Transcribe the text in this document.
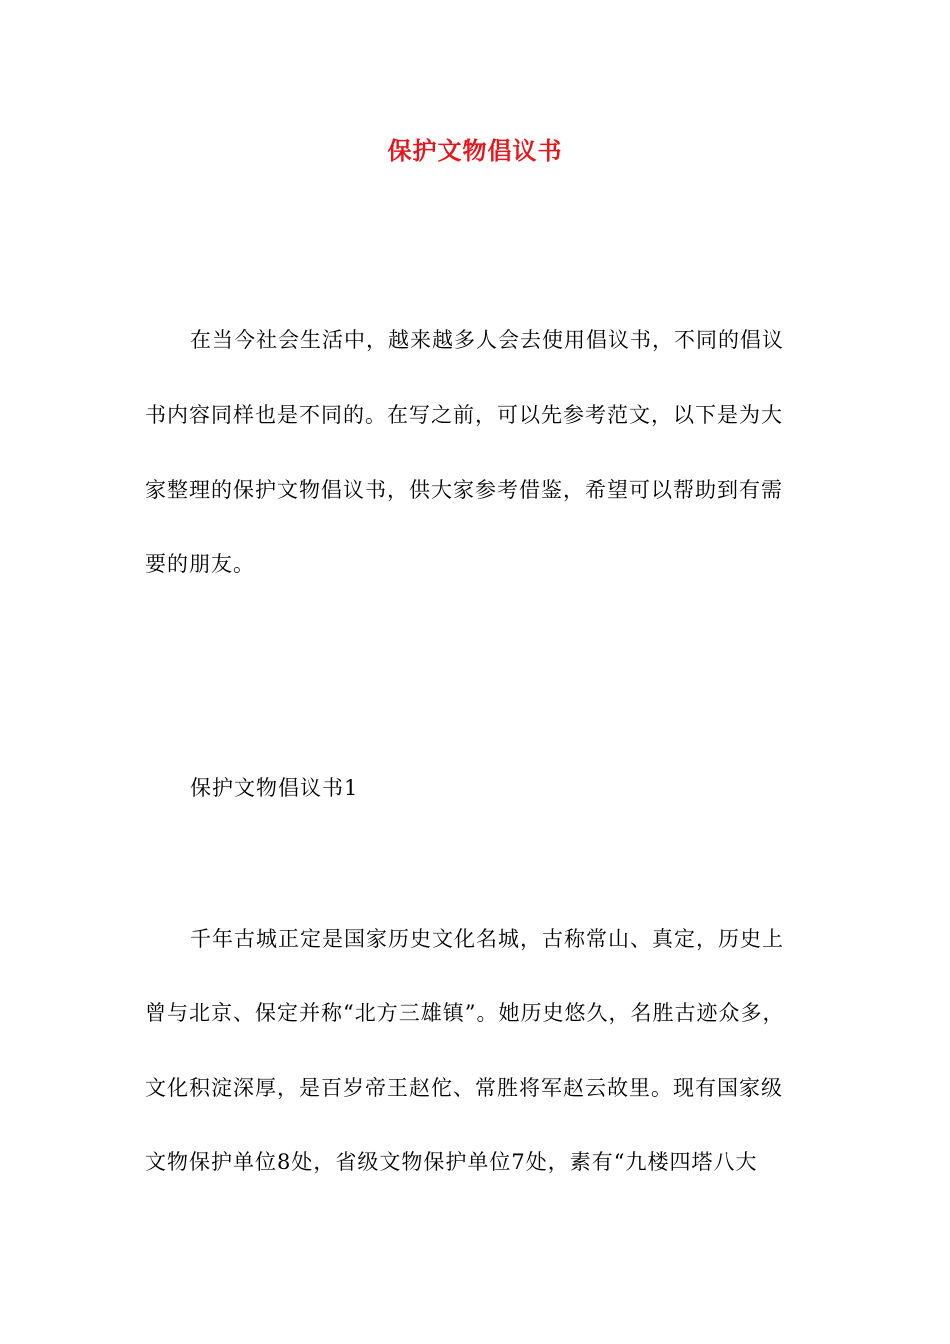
保护文物倡议书
在当今社会生活中，越来越多人会去使用倡议书，不同的倡议
书内容同样也是不同的。在写之前，可以先参考范文，以下是为大
家整理的保护文物倡议书，供大家参考借鉴，希望可以帮助到有需
要的朋友。
保护文物倡议书1
千年古城正定是国家历史文化名城，古称常山、真定，历史上
曾与北京、保定并称“北方三雄镇”。她历史悠久，名胜古迹众多，
文化积淀深厚，是百岁帝王赵佗、常胜将军赵云故里。现有国家级
文物保护单位8处，省级文物保护单位7处，素有“九楼四塔八大
